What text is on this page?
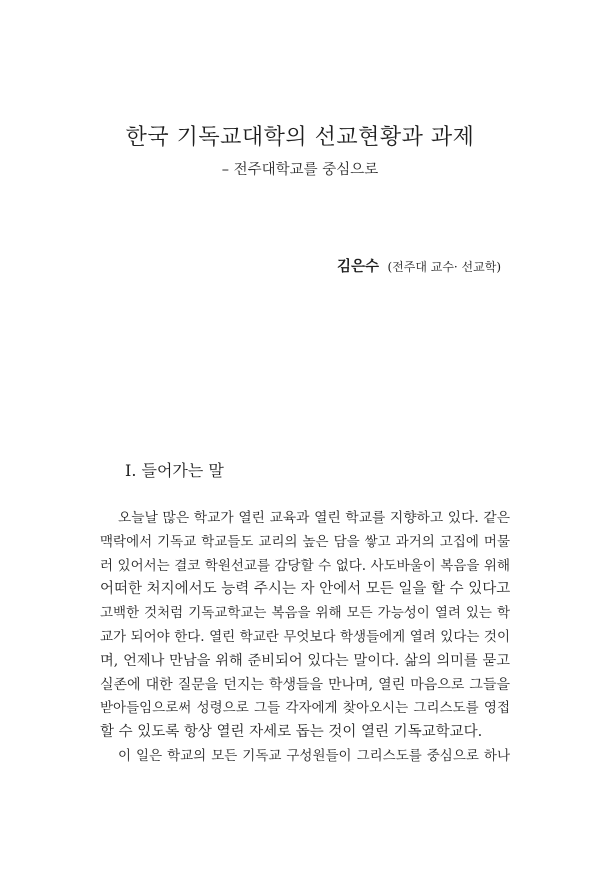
한국 기독교대학의 선교현황과 과제
– 전주대학교를 중심으로
김은수 (전주대 교수· 선교학)
I. 들어가는 말
오늘날 많은 학교가 열린 교육과 열린 학교를 지향하고 있다. 같은
맥락에서 기독교 학교들도 교리의 높은 담을 쌓고 과거의 고집에 머물
러 있어서는 결코 학원선교를 감당할 수 없다. 사도바울이 복음을 위해
어떠한 처지에서도 능력 주시는 자 안에서 모든 일을 할 수 있다고
고백한 것처럼 기독교학교는 복음을 위해 모든 가능성이 열려 있는 학
교가 되어야 한다. 열린 학교란 무엇보다 학생들에게 열려 있다는 것이
며, 언제나 만남을 위해 준비되어 있다는 말이다. 삶의 의미를 묻고
실존에 대한 질문을 던지는 학생들을 만나며, 열린 마음으로 그들을
받아들임으로써 성령으로 그들 각자에게 찾아오시는 그리스도를 영접
할 수 있도록 항상 열린 자세로 돕는 것이 열린 기독교학교다.
이 일은 학교의 모든 기독교 구성원들이 그리스도를 중심으로 하나
